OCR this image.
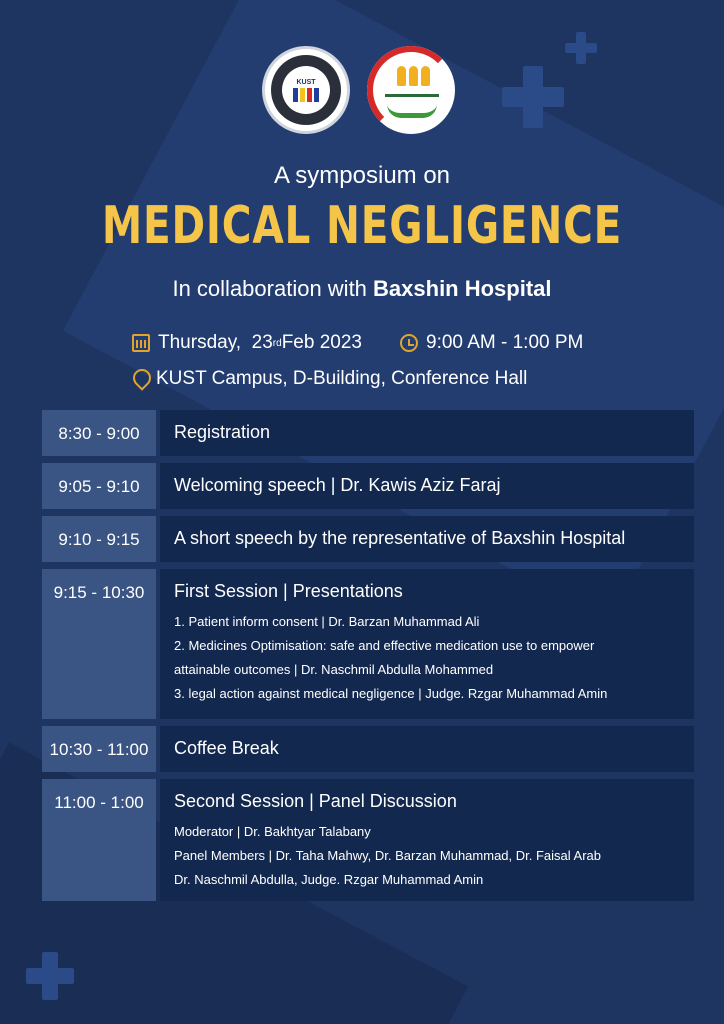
KUST
A symposium on
MEDICAL NEGLIGENCE
In collaboration with Baxshin Hospital
Thursday,
23 rd Feb 2023	9:00 AM - 1:00 PM
KUST Campus, D-Building, Conference Hall
8:30 - 9:00	Registration
9:05 - 9:10	Welcoming speech | Dr. Kawis Aziz Faraj
9:10 - 9:15	A short speech by the representative of Baxshin Hospital
9:15 - 10:30	First Session | Presentations
1. Patient inform consent | Dr. Barzan Muhammad Ali
2. Medicines Optimisation: safe and effective medication use to empower
attainable outcomes | Dr. Naschmil Abdulla Mohammed
3. legal action against medical negligence | Judge. Rzgar Muhammad Amin
10:30 - 11:00	Coffee Break
11:00 - 1:00	Second Session | Panel Discussion
Moderator | Dr. Bakhtyar Talabany
Panel Members | Dr. Taha Mahwy, Dr. Barzan Muhammad, Dr. Faisal Arab
Dr. Naschmil Abdulla, Judge. Rzgar Muhammad Amin
